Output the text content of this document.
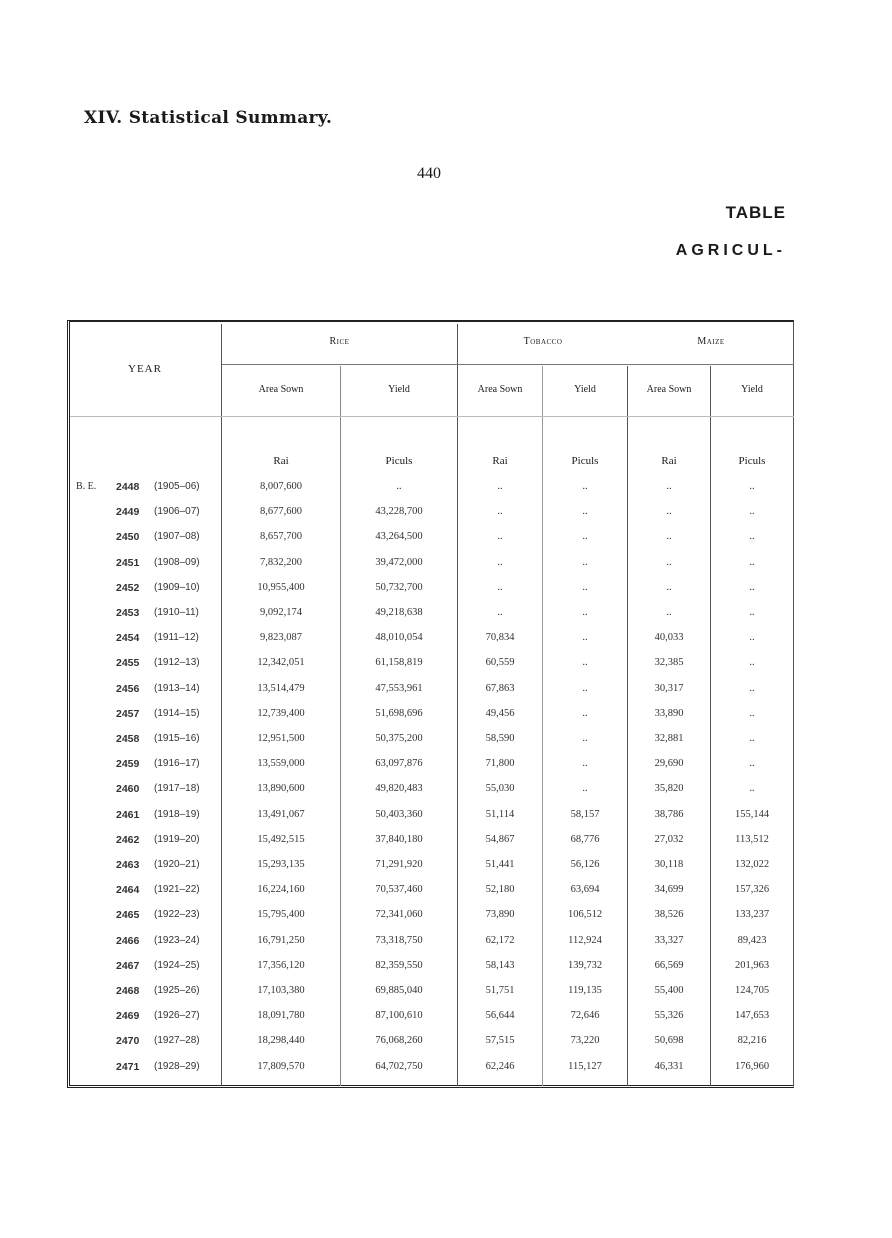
XIV. Statistical Summary.
440
TABLE
AGRICUL-
YEAR
Rice	Tobacco	Maize
Area Sown	Yield	Area Sown	Yield	Area Sown	Yield
Rai	Piculs	Rai	Piculs	Rai	Piculs
B. E. 2448 (1905–06)	8,007,600	..	..	..	..	..
2449 (1906–07)	8,677,600	43,228,700	..	..	..	..
2450 (1907–08)	8,657,700	43,264,500	..	..	..	..
2451 (1908–09)	7,832,200	39,472,000	..	..	..	..
2452 (1909–10)	10,955,400	50,732,700	..	..	..	..
2453 (1910–11)	9,092,174	49,218,638	..	..	..	..
2454 (1911–12)	9,823,087	48,010,054	70,834	..	40,033	..
2455 (1912–13)	12,342,051	61,158,819	60,559	..	32,385	..
2456 (1913–14)	13,514,479	47,553,961	67,863	..	30,317	..
2457 (1914–15)	12,739,400	51,698,696	49,456	..	33,890	..
2458 (1915–16)	12,951,500	50,375,200	58,590	..	32,881	..
2459 (1916–17)	13,559,000	63,097,876	71,800	..	29,690	..
2460 (1917–18)	13,890,600	49,820,483	55,030	..	35,820	..
2461 (1918–19)	13,491,067	50,403,360	51,114	58,157	38,786	155,144
2462 (1919–20)	15,492,515	37,840,180	54,867	68,776	27,032	113,512
2463 (1920–21)	15,293,135	71,291,920	51,441	56,126	30,118	132,022
2464 (1921–22)	16,224,160	70,537,460	52,180	63,694	34,699	157,326
2465 (1922–23)	15,795,400	72,341,060	73,890	106,512	38,526	133,237
2466 (1923–24)	16,791,250	73,318,750	62,172	112,924	33,327	89,423
2467 (1924–25)	17,356,120	82,359,550	58,143	139,732	66,569	201,963
2468 (1925–26)	17,103,380	69,885,040	51,751	119,135	55,400	124,705
2469 (1926–27)	18,091,780	87,100,610	56,644	72,646	55,326	147,653
2470 (1927–28)	18,298,440	76,068,260	57,515	73,220	50,698	82,216
2471 (1928–29)	17,809,570	64,702,750	62,246	115,127	46,331	176,960
